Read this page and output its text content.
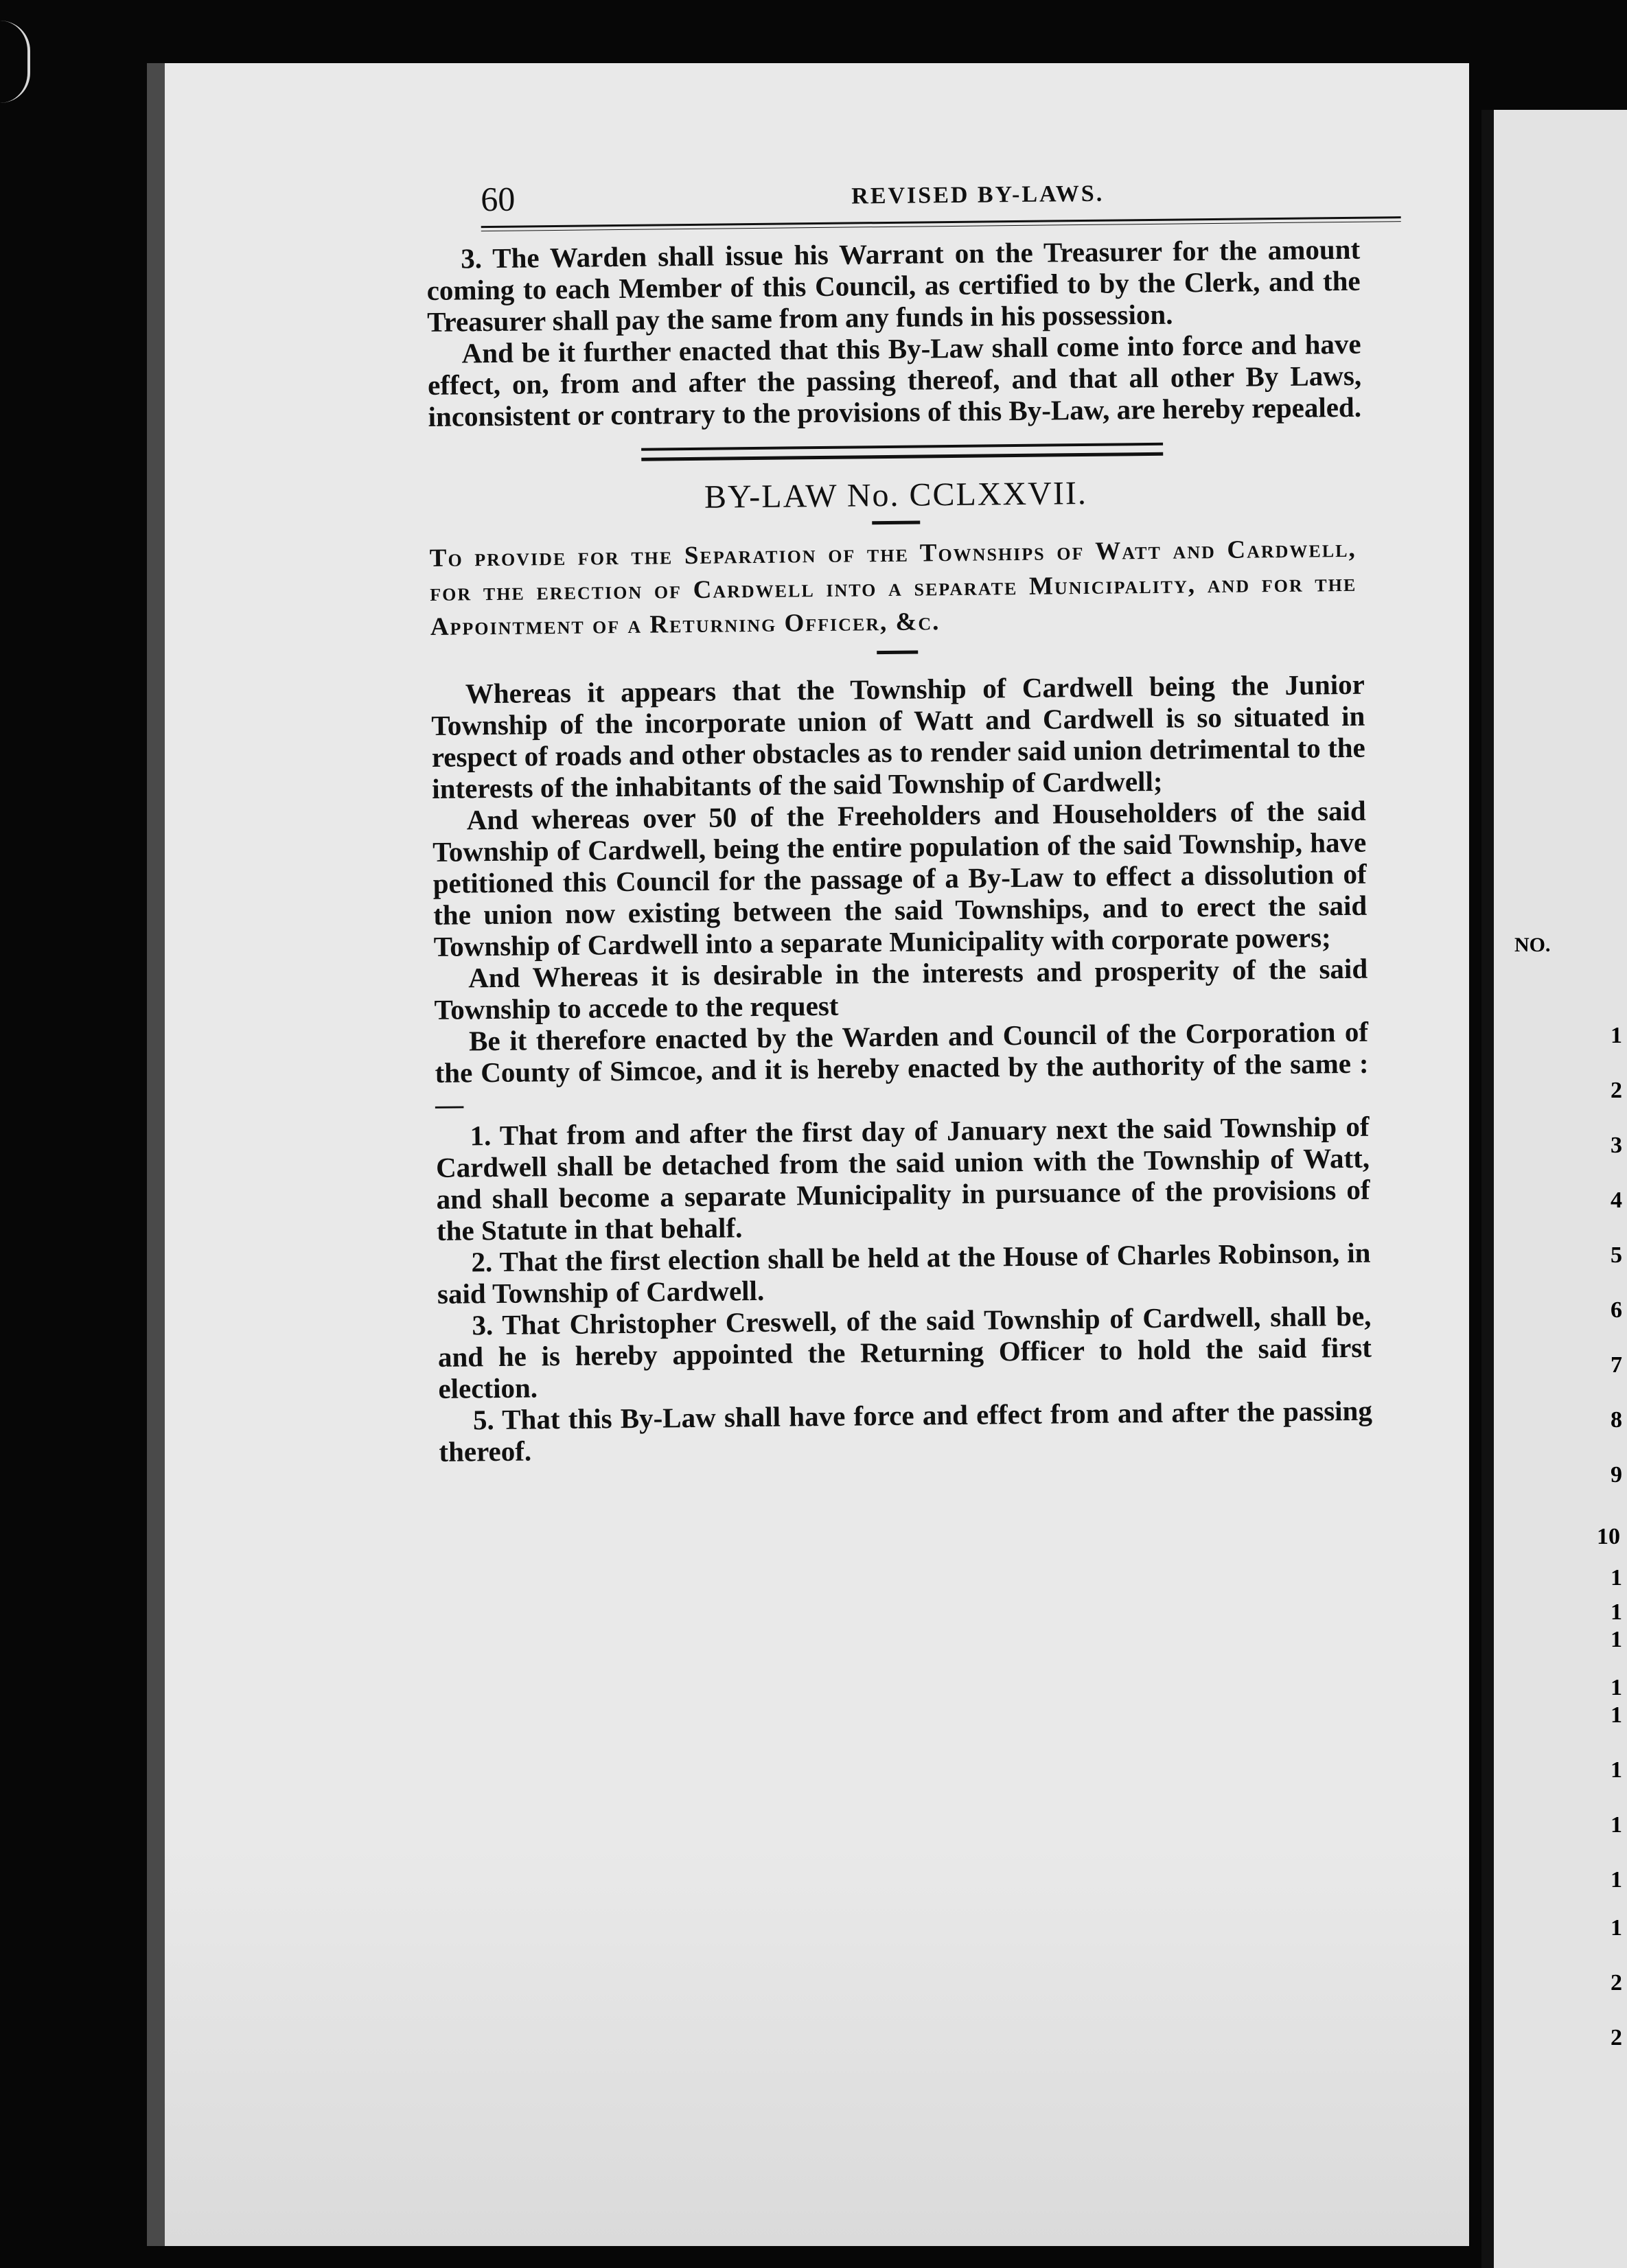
NO.
1
2
3
4
5
6
7
8
9
10
1
1
1
1
1
1
1
1
1
2
2
60	REVISED BY-LAWS.

3. The Warden shall issue his Warrant on the Treasurer for the amount coming to each Member of this Council, as certified to by the Clerk, and the Treasurer shall pay the same from any funds in his possession.

And be it further enacted that this By-Law shall come into force and have effect, on, from and after the passing thereof, and that all other By Laws, inconsistent or contrary to the provisions of this By-Law, are hereby repealed.

BY-LAW No. CCLXXVII.

To provide for the Separation of the Townships of Watt and Cardwell, for the erection of Cardwell into a separate Municipality, and for the Appointment of a Returning Officer, &c.

Whereas it appears that the Township of Cardwell being the Junior Township of the incorporate union of Watt and Cardwell is so situated in respect of roads and other obstacles as to render said union detrimental to the interests of the inhabitants of the said Township of Cardwell;

And whereas over 50 of the Freeholders and Householders of the said Township of Cardwell, being the entire population of the said Township, have petitioned this Council for the passage of a By-Law to effect a dissolution of the union now existing between the said Townships, and to erect the said Township of Cardwell into a separate Municipality with corporate powers;

And Whereas it is desirable in the interests and prosperity of the said Township to accede to the request

Be it therefore enacted by the Warden and Council of the Corporation of the County of Simcoe, and it is hereby enacted by the authority of the same :—

1. That from and after the first day of January next the said Township of Cardwell shall be detached from the said union with the Township of Watt, and shall become a separate Municipality in pursuance of the provisions of the Statute in that behalf.

2. That the first election shall be held at the House of Charles Robinson, in said Township of Cardwell.

3. That Christopher Creswell, of the said Township of Cardwell, shall be, and he is hereby appointed the Returning Officer to hold the said first election.

5. That this By-Law shall have force and effect from and after the passing thereof.
